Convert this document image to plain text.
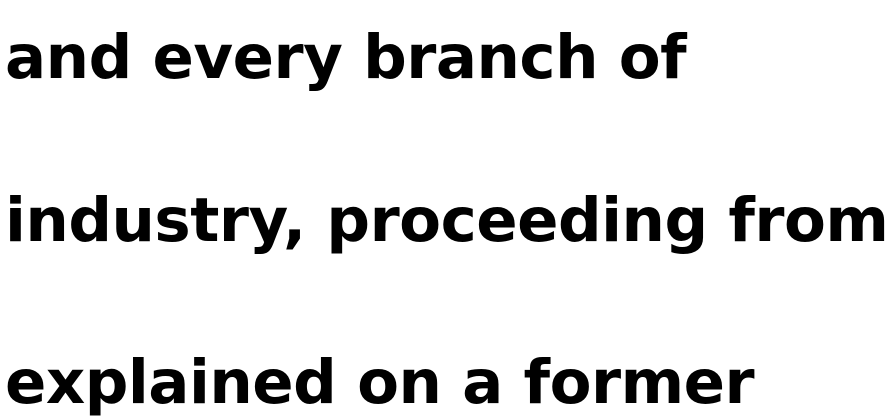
and every branch of

industry, proceeding from

explained on a former
